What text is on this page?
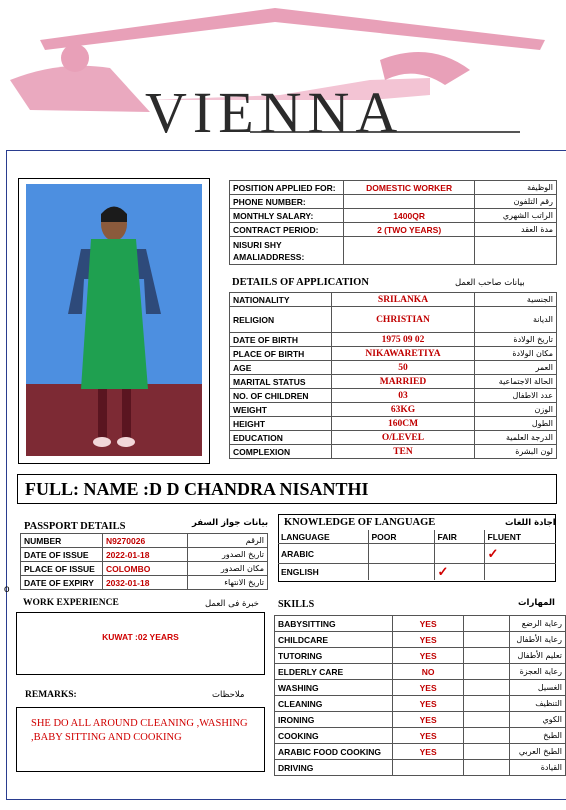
VIENNA
POSITION APPLIED FOR:	DOMESTIC WORKER	الوظيفة
PHONE NUMBER:		رقم التلفون
MONTHLY SALARY:	1400QR	الراتب الشهري
CONTRACT PERIOD:	2 (TWO YEARS)	مدة العقد

NISURI SHY
AMALIADDRESS:		

DETAILS OF APPLICATION	بيانات صاحب العمل
NATIONALITY	SRILANKA	الجنسية
RELIGION	CHRISTIAN	الديانة
DATE OF BIRTH	1975 09 02	تاريخ الولادة
PLACE OF BIRTH	NIKAWARETIYA	مكان الولادة
AGE	50	العمر
MARITAL STATUS	MARRIED	الحالة الاجتماعية
NO. OF CHILDREN	03	عدد الاطفال
WEIGHT	63KG	الوزن
HEIGHT	160CM	الطول
EDUCATION	O/LEVEL	الدرجة العلمية
COMPLEXION	TEN	لون البشرة
FULL: NAME :D D CHANDRA NISANTHI
PASSPORT DETAILS	بيانات جواز السفر
NUMBER	N9270026	الرقم
DATE OF ISSUE	2022-01-18	تاريخ الصدور
PLACE OF ISSUE	COLOMBO	مكان الصدور
DATE OF EXPIRY	2032-01-18	تاريخ الانتهاء
KNOWLEDGE OF LANGUAGE	اجادة اللغات
LANGUAGE	POOR	FAIR	FLUENT
ARABIC			✓
ENGLISH		✓	
o
WORK EXPERIENCE	خبرة فى العمل
KUWAT :02 YEARS
REMARKS:	ملاحظات
SHE DO ALL AROUND CLEANING ,WASHING
,BABY SITTING AND COOKING
SKILLS	المهارات
BABYSITTING	YES		رعاية الرضع
CHILDCARE	YES		رعاية الأطفال
TUTORING	YES		تعليم الأطفال
ELDERLY CARE	NO		رعاية العجزة
WASHING	YES		الغسيل
CLEANING	YES		التنظيف
IRONING	YES		الكوي
COOKING	YES		الطبخ
ARABIC FOOD COOKING	YES		الطبخ العربي
DRIVING			القيادة
